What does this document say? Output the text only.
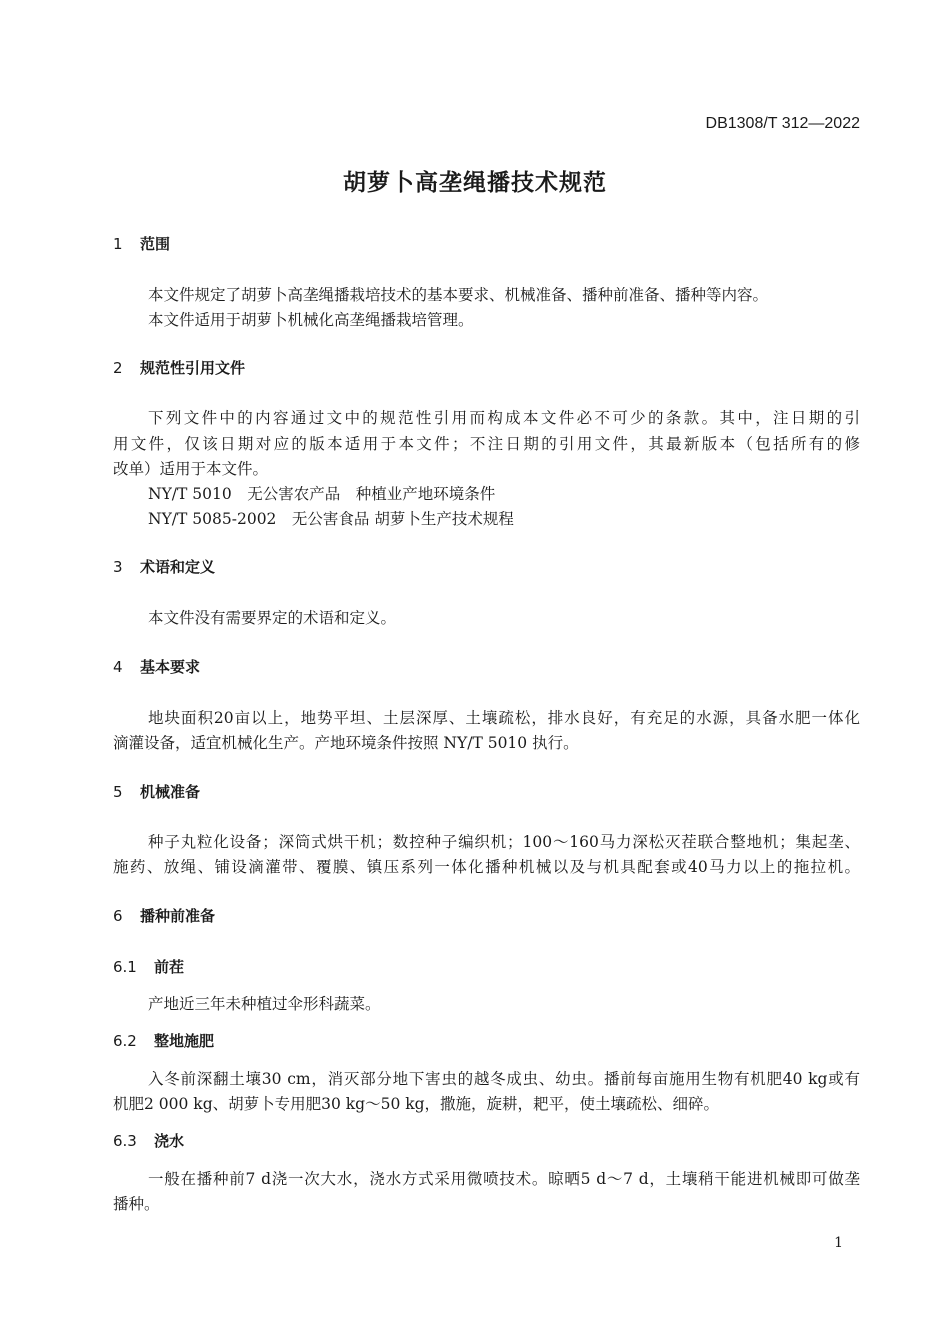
DB1308/T 312—2022
胡萝卜高垄绳播技术规范
1 范围
本文件规定了胡萝卜高垄绳播栽培技术的基本要求、机械准备、播种前准备、播种等内容。
本文件适用于胡萝卜机械化高垄绳播栽培管理。
2 规范性引用文件
下列文件中的内容通过文中的规范性引用而构成本文件必不可少的条款。其中，注日期的引
用文件，仅该日期对应的版本适用于本文件；不注日期的引用文件，其最新版本（包括所有的修
改单）适用于本文件。
NY/T 5010　无公害农产品　种植业产地环境条件
NY/T 5085-2002　无公害食品 胡萝卜生产技术规程
3 术语和定义
本文件没有需要界定的术语和定义。
4 基本要求
地块面积20亩以上，地势平坦、土层深厚、土壤疏松，排水良好，有充足的水源，具备水肥一体化
滴灌设备，适宜机械化生产。产地环境条件按照 NY/T 5010 执行。
5 机械准备
种子丸粒化设备；深筒式烘干机；数控种子编织机；100～160马力深松灭茬联合整地机；集起垄、
施药、放绳、铺设滴灌带、覆膜、镇压系列一体化播种机械以及与机具配套或40马力以上的拖拉机。
6 播种前准备
6.1 前茬
产地近三年未种植过伞形科蔬菜。
6.2 整地施肥
入冬前深翻土壤30 cm，消灭部分地下害虫的越冬成虫、幼虫。播前每亩施用生物有机肥40 kg或有
机肥2 000 kg、胡萝卜专用肥30 kg～50 kg，撒施，旋耕，耙平，使土壤疏松、细碎。
6.3 浇水
一般在播种前7 d浇一次大水，浇水方式采用微喷技术。晾晒5 d～7 d，土壤稍干能进机械即可做垄
播种。
1
